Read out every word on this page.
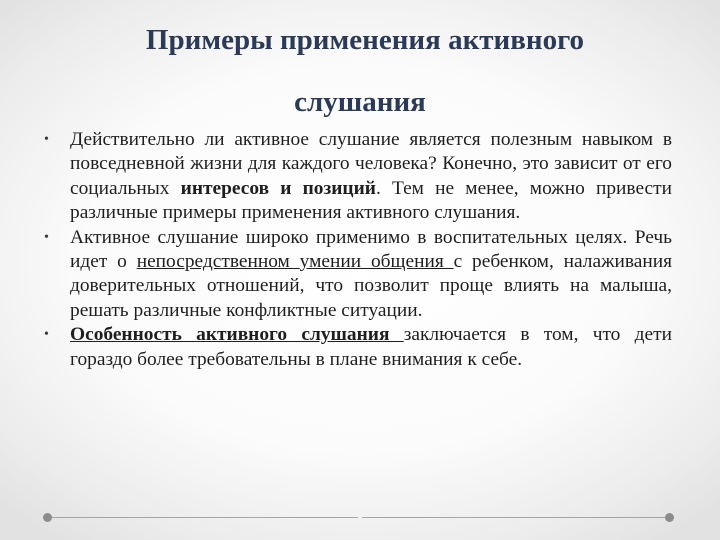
Примеры применения активного
слушания

• Действительно ли активное слушание является полезным навыком в повседневной жизни для каждого человека? Конечно, это зависит от его социальных интересов и позиций. Тем не менее, можно привести различные примеры применения активного слушания.

• Активное слушание широко применимо в воспитательных целях. Речь идет о непосредственном умении общения с ребенком, налаживания доверительных отношений, что позволит проще влиять на малыша, решать различные конфликтные ситуации.

• Особенность активного слушания заключается в том, что дети гораздо более требовательны в плане внимания к себе.
